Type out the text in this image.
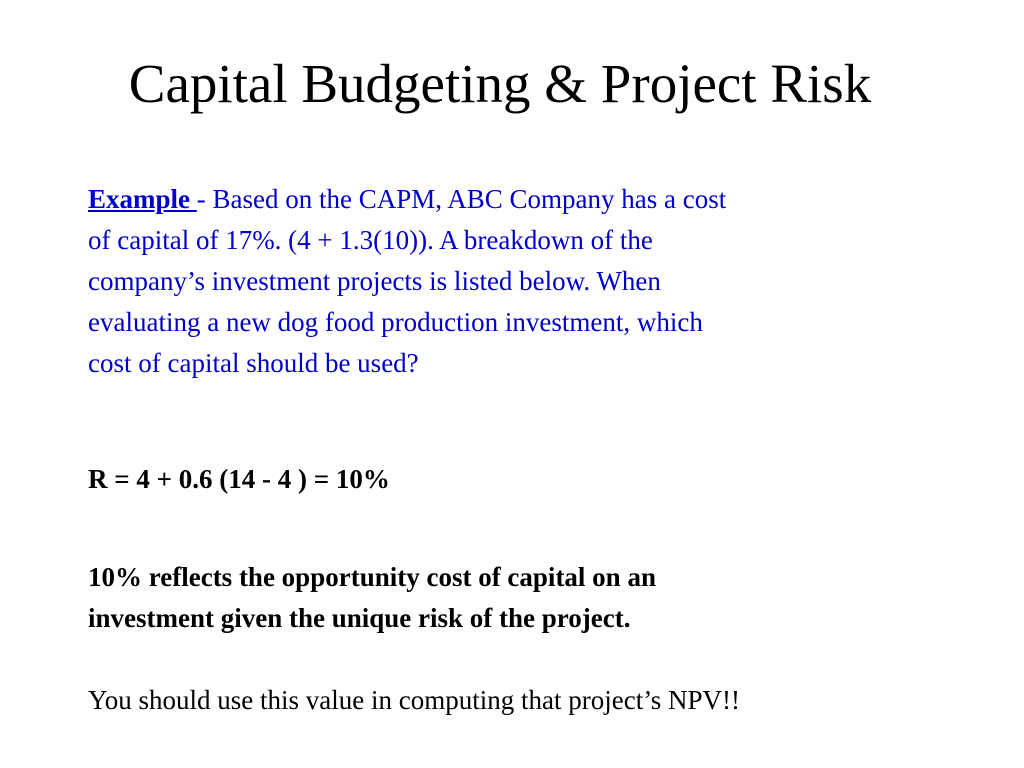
Capital Budgeting & Project Risk
Example - Based on the CAPM, ABC Company has a cost
of capital of 17%. (4 + 1.3(10)). A breakdown of the
company’s investment projects is listed below. When
evaluating a new dog food production investment, which
cost of capital should be used?

R = 4 + 0.6 (14 - 4 ) = 10%

10% reflects the opportunity cost of capital on an
investment given the unique risk of the project.

You should use this value in computing that project’s NPV!!
